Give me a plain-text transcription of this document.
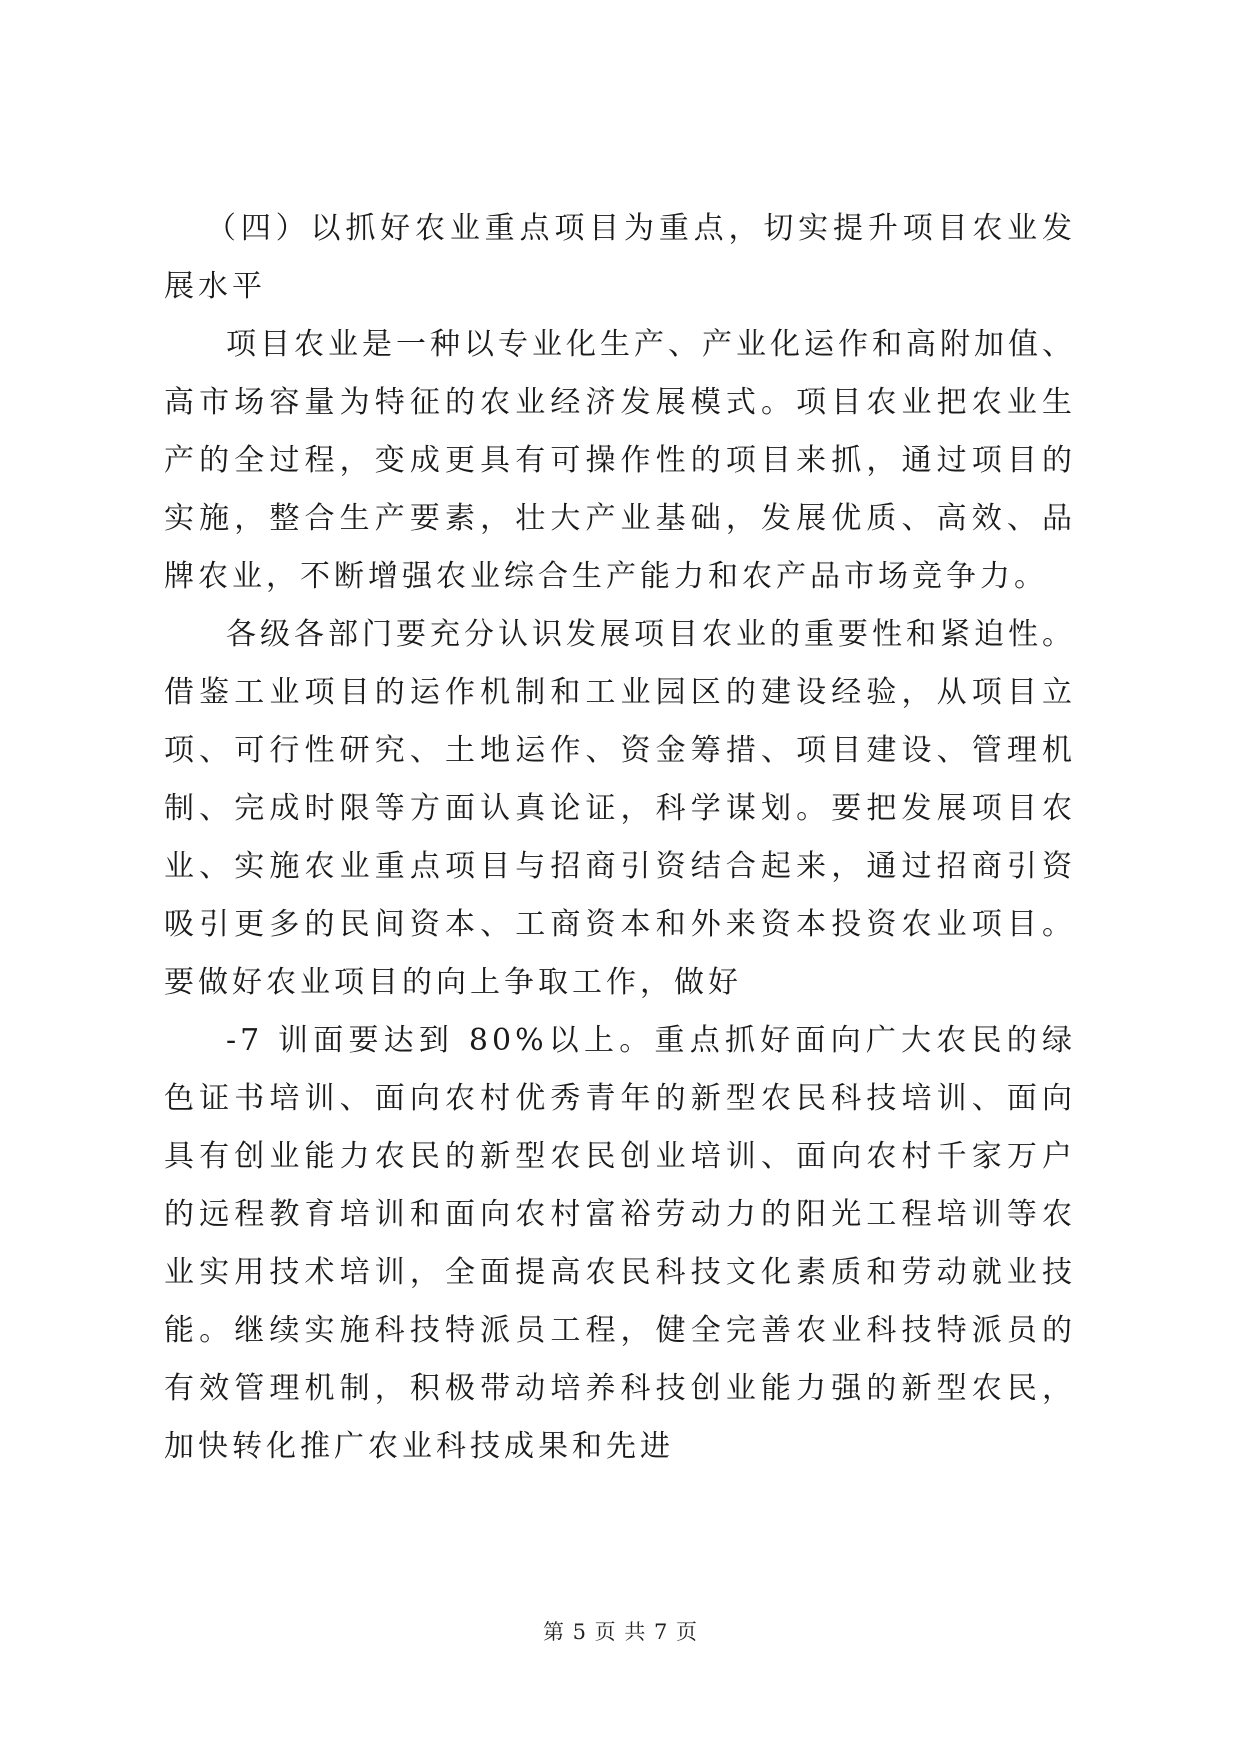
（四）以抓好农业重点项目为重点，切实提升项目农业发展水平

项目农业是一种以专业化生产、产业化运作和高附加值、高市场容量为特征的农业经济发展模式。项目农业把农业生产的全过程，变成更具有可操作性的项目来抓，通过项目的实施，整合生产要素，壮大产业基础，发展优质、高效、品牌农业，不断增强农业综合生产能力和农产品市场竞争力。

各级各部门要充分认识发展项目农业的重要性和紧迫性。借鉴工业项目的运作机制和工业园区的建设经验，从项目立项、可行性研究、土地运作、资金筹措、项目建设、管理机制、完成时限等方面认真论证，科学谋划。要把发展项目农业、实施农业重点项目与招商引资结合起来，通过招商引资吸引更多的民间资本、工商资本和外来资本投资农业项目。要做好农业项目的向上争取工作，做好

-7 训面要达到 80%以上。重点抓好面向广大农民的绿色证书培训、面向农村优秀青年的新型农民科技培训、面向具有创业能力农民的新型农民创业培训、面向农村千家万户的远程教育培训和面向农村富裕劳动力的阳光工程培训等农业实用技术培训，全面提高农民科技文化素质和劳动就业技能。继续实施科技特派员工程，健全完善农业科技特派员的有效管理机制，积极带动培养科技创业能力强的新型农民，加快转化推广农业科技成果和先进

第 5 页 共 7 页
